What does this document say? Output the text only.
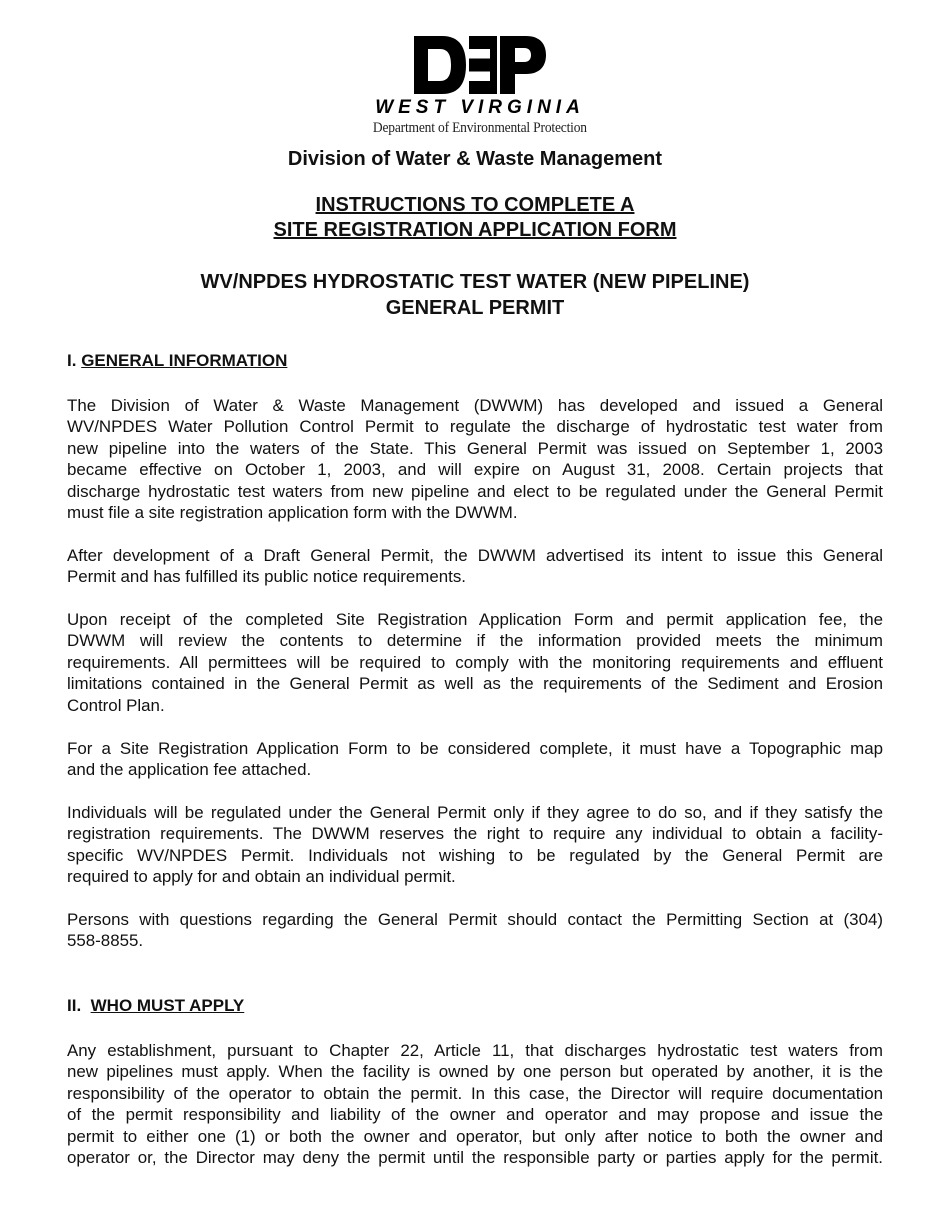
WEST VIRGINIA
Department of Environmental Protection
Division of Water & Waste Management
INSTRUCTIONS TO COMPLETE A
SITE REGISTRATION APPLICATION FORM
WV/NPDES HYDROSTATIC TEST WATER (NEW PIPELINE)
GENERAL PERMIT
I. GENERAL INFORMATION
The Division of Water & Waste Management (DWWM) has developed and issued a General
WV/NPDES Water Pollution Control Permit to regulate the discharge of hydrostatic test water from
new pipeline into the waters of the State. This General Permit was issued on September 1, 2003
became effective on October 1, 2003, and will expire on August 31, 2008. Certain projects that
discharge hydrostatic test waters from new pipeline and elect to be regulated under the General Permit
must file a site registration application form with the DWWM.
After development of a Draft General Permit, the DWWM advertised its intent to issue this General
Permit and has fulfilled its public notice requirements.
Upon receipt of the completed Site Registration Application Form and permit application fee, the
DWWM will review the contents to determine if the information provided meets the minimum
requirements. All permittees will be required to comply with the monitoring requirements and effluent
limitations contained in the General Permit as well as the requirements of the Sediment and Erosion
Control Plan.
For a Site Registration Application Form to be considered complete, it must have a Topographic map
and the application fee attached.
Individuals will be regulated under the General Permit only if they agree to do so, and if they satisfy the
registration requirements. The DWWM reserves the right to require any individual to obtain a facility-
specific WV/NPDES Permit. Individuals not wishing to be regulated by the General Permit are
required to apply for and obtain an individual permit.
Persons with questions regarding the General Permit should contact the Permitting Section at (304)
558-8855.
II. WHO MUST APPLY
Any establishment, pursuant to Chapter 22, Article 11, that discharges hydrostatic test waters from
new pipelines must apply. When the facility is owned by one person but operated by another, it is the
responsibility of the operator to obtain the permit. In this case, the Director will require documentation
of the permit responsibility and liability of the owner and operator and may propose and issue the
permit to either one (1) or both the owner and operator, but only after notice to both the owner and
operator or, the Director may deny the permit until the responsible party or parties apply for the permit.
